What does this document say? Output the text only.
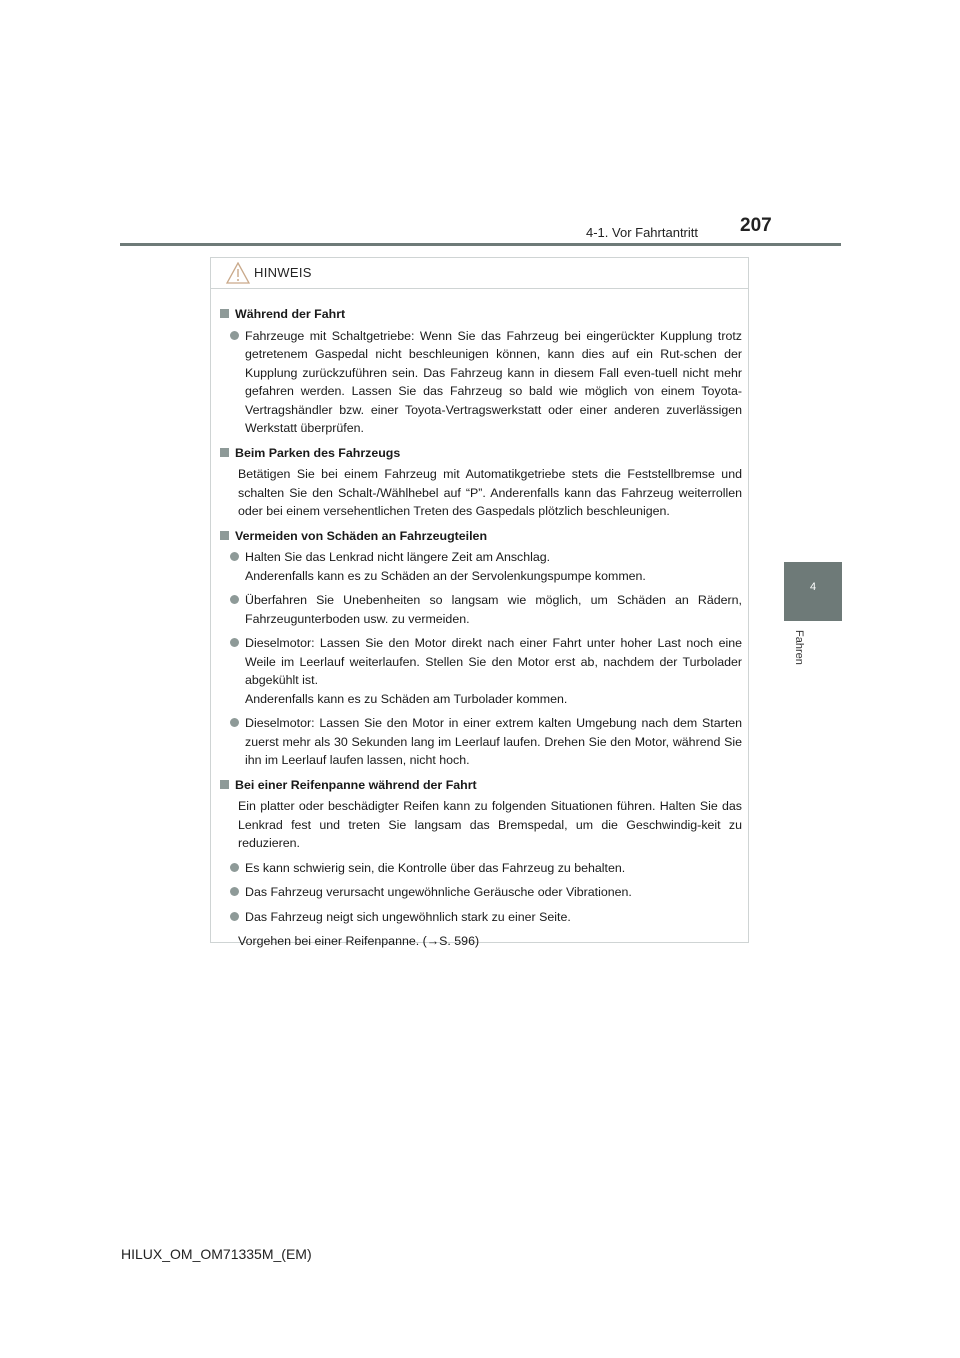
4-1. Vor Fahrtantritt 207
4
Fahren
HINWEIS
Während der Fahrt
Fahrzeuge mit Schaltgetriebe: Wenn Sie das Fahrzeug bei eingerückter Kupplung trotz getretenem Gaspedal nicht beschleunigen können, kann dies auf ein Rut-schen der Kupplung zurückzuführen sein. Das Fahrzeug kann in diesem Fall even-tuell nicht mehr gefahren werden. Lassen Sie das Fahrzeug so bald wie möglich von einem Toyota-Vertragshändler bzw. einer Toyota-Vertragswerkstatt oder einer anderen zuverlässigen Werkstatt überprüfen.
Beim Parken des Fahrzeugs
Betätigen Sie bei einem Fahrzeug mit Automatikgetriebe stets die Feststellbremse und schalten Sie den Schalt-/Wählhebel auf “P”. Anderenfalls kann das Fahrzeug weiterrollen oder bei einem versehentlichen Treten des Gaspedals plötzlich beschleunigen.
Vermeiden von Schäden an Fahrzeugteilen
Halten Sie das Lenkrad nicht längere Zeit am Anschlag.
Anderenfalls kann es zu Schäden an der Servolenkungspumpe kommen.
Überfahren Sie Unebenheiten so langsam wie möglich, um Schäden an Rädern, Fahrzeugunterboden usw. zu vermeiden.
Dieselmotor: Lassen Sie den Motor direkt nach einer Fahrt unter hoher Last noch eine Weile im Leerlauf weiterlaufen. Stellen Sie den Motor erst ab, nachdem der Turbolader abgekühlt ist.
Anderenfalls kann es zu Schäden am Turbolader kommen.
Dieselmotor: Lassen Sie den Motor in einer extrem kalten Umgebung nach dem Starten zuerst mehr als 30 Sekunden lang im Leerlauf laufen. Drehen Sie den Motor, während Sie ihn im Leerlauf laufen lassen, nicht hoch.
Bei einer Reifenpanne während der Fahrt
Ein platter oder beschädigter Reifen kann zu folgenden Situationen führen. Halten Sie das Lenkrad fest und treten Sie langsam das Bremspedal, um die Geschwindig-keit zu reduzieren.
Es kann schwierig sein, die Kontrolle über das Fahrzeug zu behalten.
Das Fahrzeug verursacht ungewöhnliche Geräusche oder Vibrationen.
Das Fahrzeug neigt sich ungewöhnlich stark zu einer Seite.
Vorgehen bei einer Reifenpanne. (→S. 596)
HILUX_OM_OM71335M_(EM)
